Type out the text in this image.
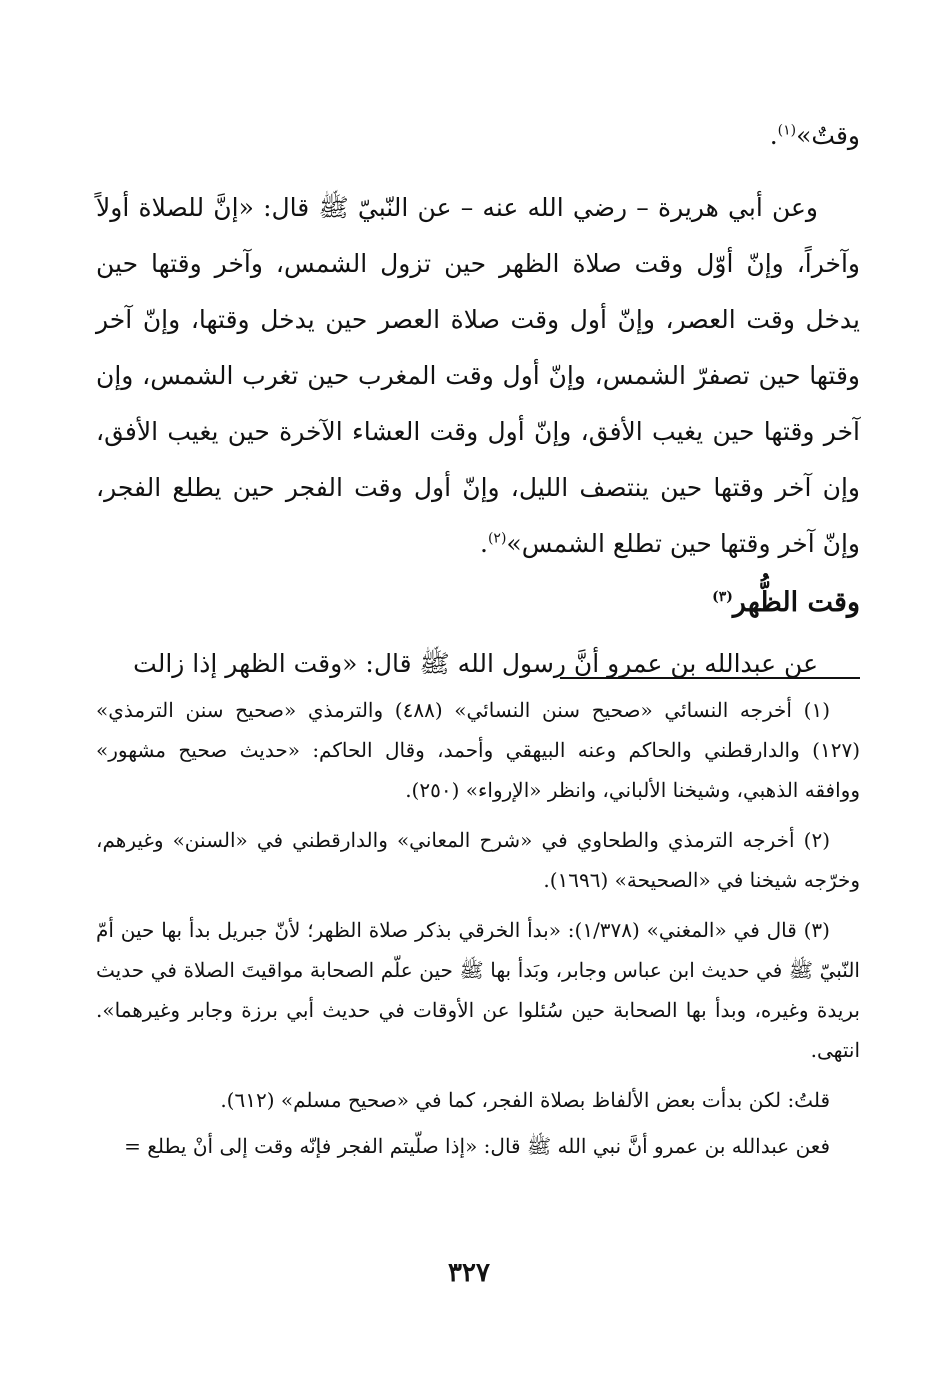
وقتٌ»$^{(١)}$.

وعن أبي هريرة – رضي الله عنه – عن النّبيّ ﷺ قال: «إنَّ للصلاة أولاً وآخراً، وإنّ أوّل وقت صلاة الظهر حين تزول الشمس، وآخر وقتها حين يدخل وقت العصر، وإنّ أول وقت صلاة العصر حين يدخل وقتها، وإنّ آخر وقتها حين تصفرّ الشمس، وإنّ أول وقت المغرب حين تغرب الشمس، وإن آخر وقتها حين يغيب الأفق، وإنّ أول وقت العشاء الآخرة حين يغيب الأفق، وإن آخر وقتها حين ينتصف الليل، وإنّ أول وقت الفجر حين يطلع الفجر، وإنّ آخر وقتها حين تطلع الشمس»$^{(٢)}$.

وقت الظُّهر$^{(٣)}$

عن عبدالله بن عمرو أنَّ رسول الله ﷺ قال: «وقت الظهر إذا زالت

(١) أخرجه النسائي «صحيح سنن النسائي» (٤٨٨) والترمذي «صحيح سنن الترمذي» (١٢٧) والدارقطني والحاكم وعنه البيهقي وأحمد، وقال الحاكم: «حديث صحيح مشهور» ووافقه الذهبي، وشيخنا الألباني، وانظر «الإرواء» (٢٥٠).

(٢) أخرجه الترمذي والطحاوي في «شرح المعاني» والدارقطني في «السنن» وغيرهم، وخرّجه شيخنا في «الصحيحة» (١٦٩٦).

(٣) قال في «المغني» (١/٣٧٨): «بدأ الخرقي بذكر صلاة الظهر؛ لأنّ جبريل بدأ بها حين أمّ النّبيّ ﷺ في حديث ابن عباس وجابر، وبَدأ بها ﷺ حين علّم الصحابة مواقيتَ الصلاة في حديث بريدة وغيره، وبدأ بها الصحابة حين سُئلوا عن الأوقات في حديث أبي برزة وجابر وغيرهما». انتهى.

قلتُ: لكن بدأت بعض الألفاظ بصلاة الفجر، كما في «صحيح مسلم» (٦١٢).

فعن عبدالله بن عمرو أنَّ نبي الله ﷺ قال: «إذا صلّيتم الفجر فإنّه وقت إلى أنْ يطلع =

٣٢٧
